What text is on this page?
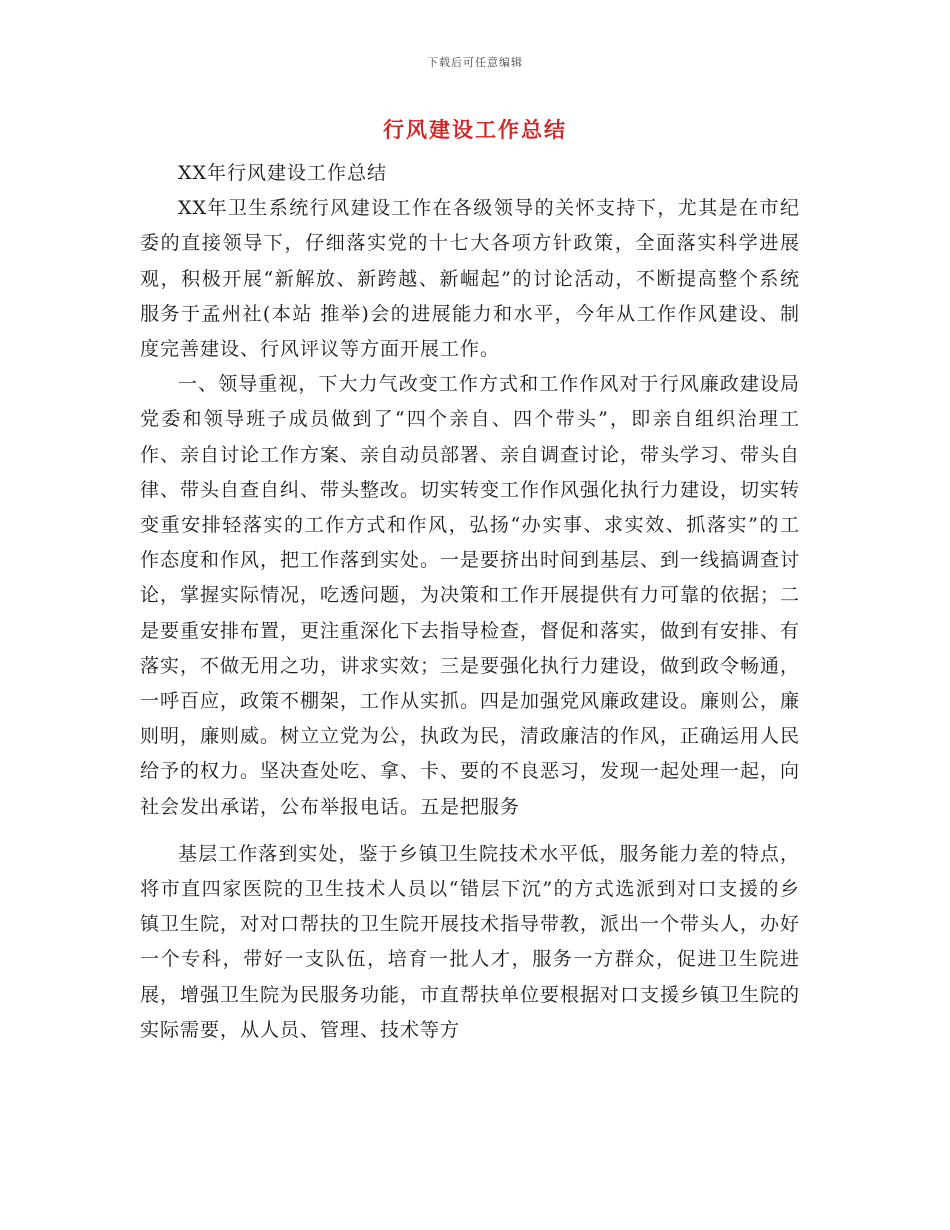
下载后可任意编辑
行风建设工作总结

XX年行风建设工作总结

XX年卫生系统行风建设工作在各级领导的关怀支持下，尤其是在市纪委的直接领导下，仔细落实党的十七大各项方针政策，全面落实科学进展观，积极开展“新解放、新跨越、新崛起”的讨论活动，不断提高整个系统服务于孟州社(本站 推举)会的进展能力和水平，今年从工作作风建设、制度完善建设、行风评议等方面开展工作。

一、领导重视，下大力气改变工作方式和工作作风对于行风廉政建设局党委和领导班子成员做到了“四个亲自、四个带头”，即亲自组织治理工作、亲自讨论工作方案、亲自动员部署、亲自调查讨论，带头学习、带头自律、带头自查自纠、带头整改。切实转变工作作风强化执行力建设，切实转变重安排轻落实的工作方式和作风，弘扬“办实事、求实效、抓落实”的工作态度和作风，把工作落到实处。一是要挤出时间到基层、到一线搞调查讨论，掌握实际情况，吃透问题，为决策和工作开展提供有力可靠的依据；二是要重安排布置，更注重深化下去指导检查，督促和落实，做到有安排、有落实，不做无用之功，讲求实效；三是要强化执行力建设，做到政令畅通，一呼百应，政策不棚架，工作从实抓。四是加强党风廉政建设。廉则公，廉则明，廉则威。树立立党为公，执政为民，清政廉洁的作风，正确运用人民给予的权力。坚决查处吃、拿、卡、要的不良恶习，发现一起处理一起，向社会发出承诺，公布举报电话。五是把服务

基层工作落到实处，鉴于乡镇卫生院技术水平低，服务能力差的特点，将市直四家医院的卫生技术人员以“错层下沉”的方式选派到对口支援的乡镇卫生院，对对口帮扶的卫生院开展技术指导带教，派出一个带头人，办好一个专科，带好一支队伍，培育一批人才，服务一方群众，促进卫生院进展，增强卫生院为民服务功能，市直帮扶单位要根据对口支援乡镇卫生院的实际需要，从人员、管理、技术等方
